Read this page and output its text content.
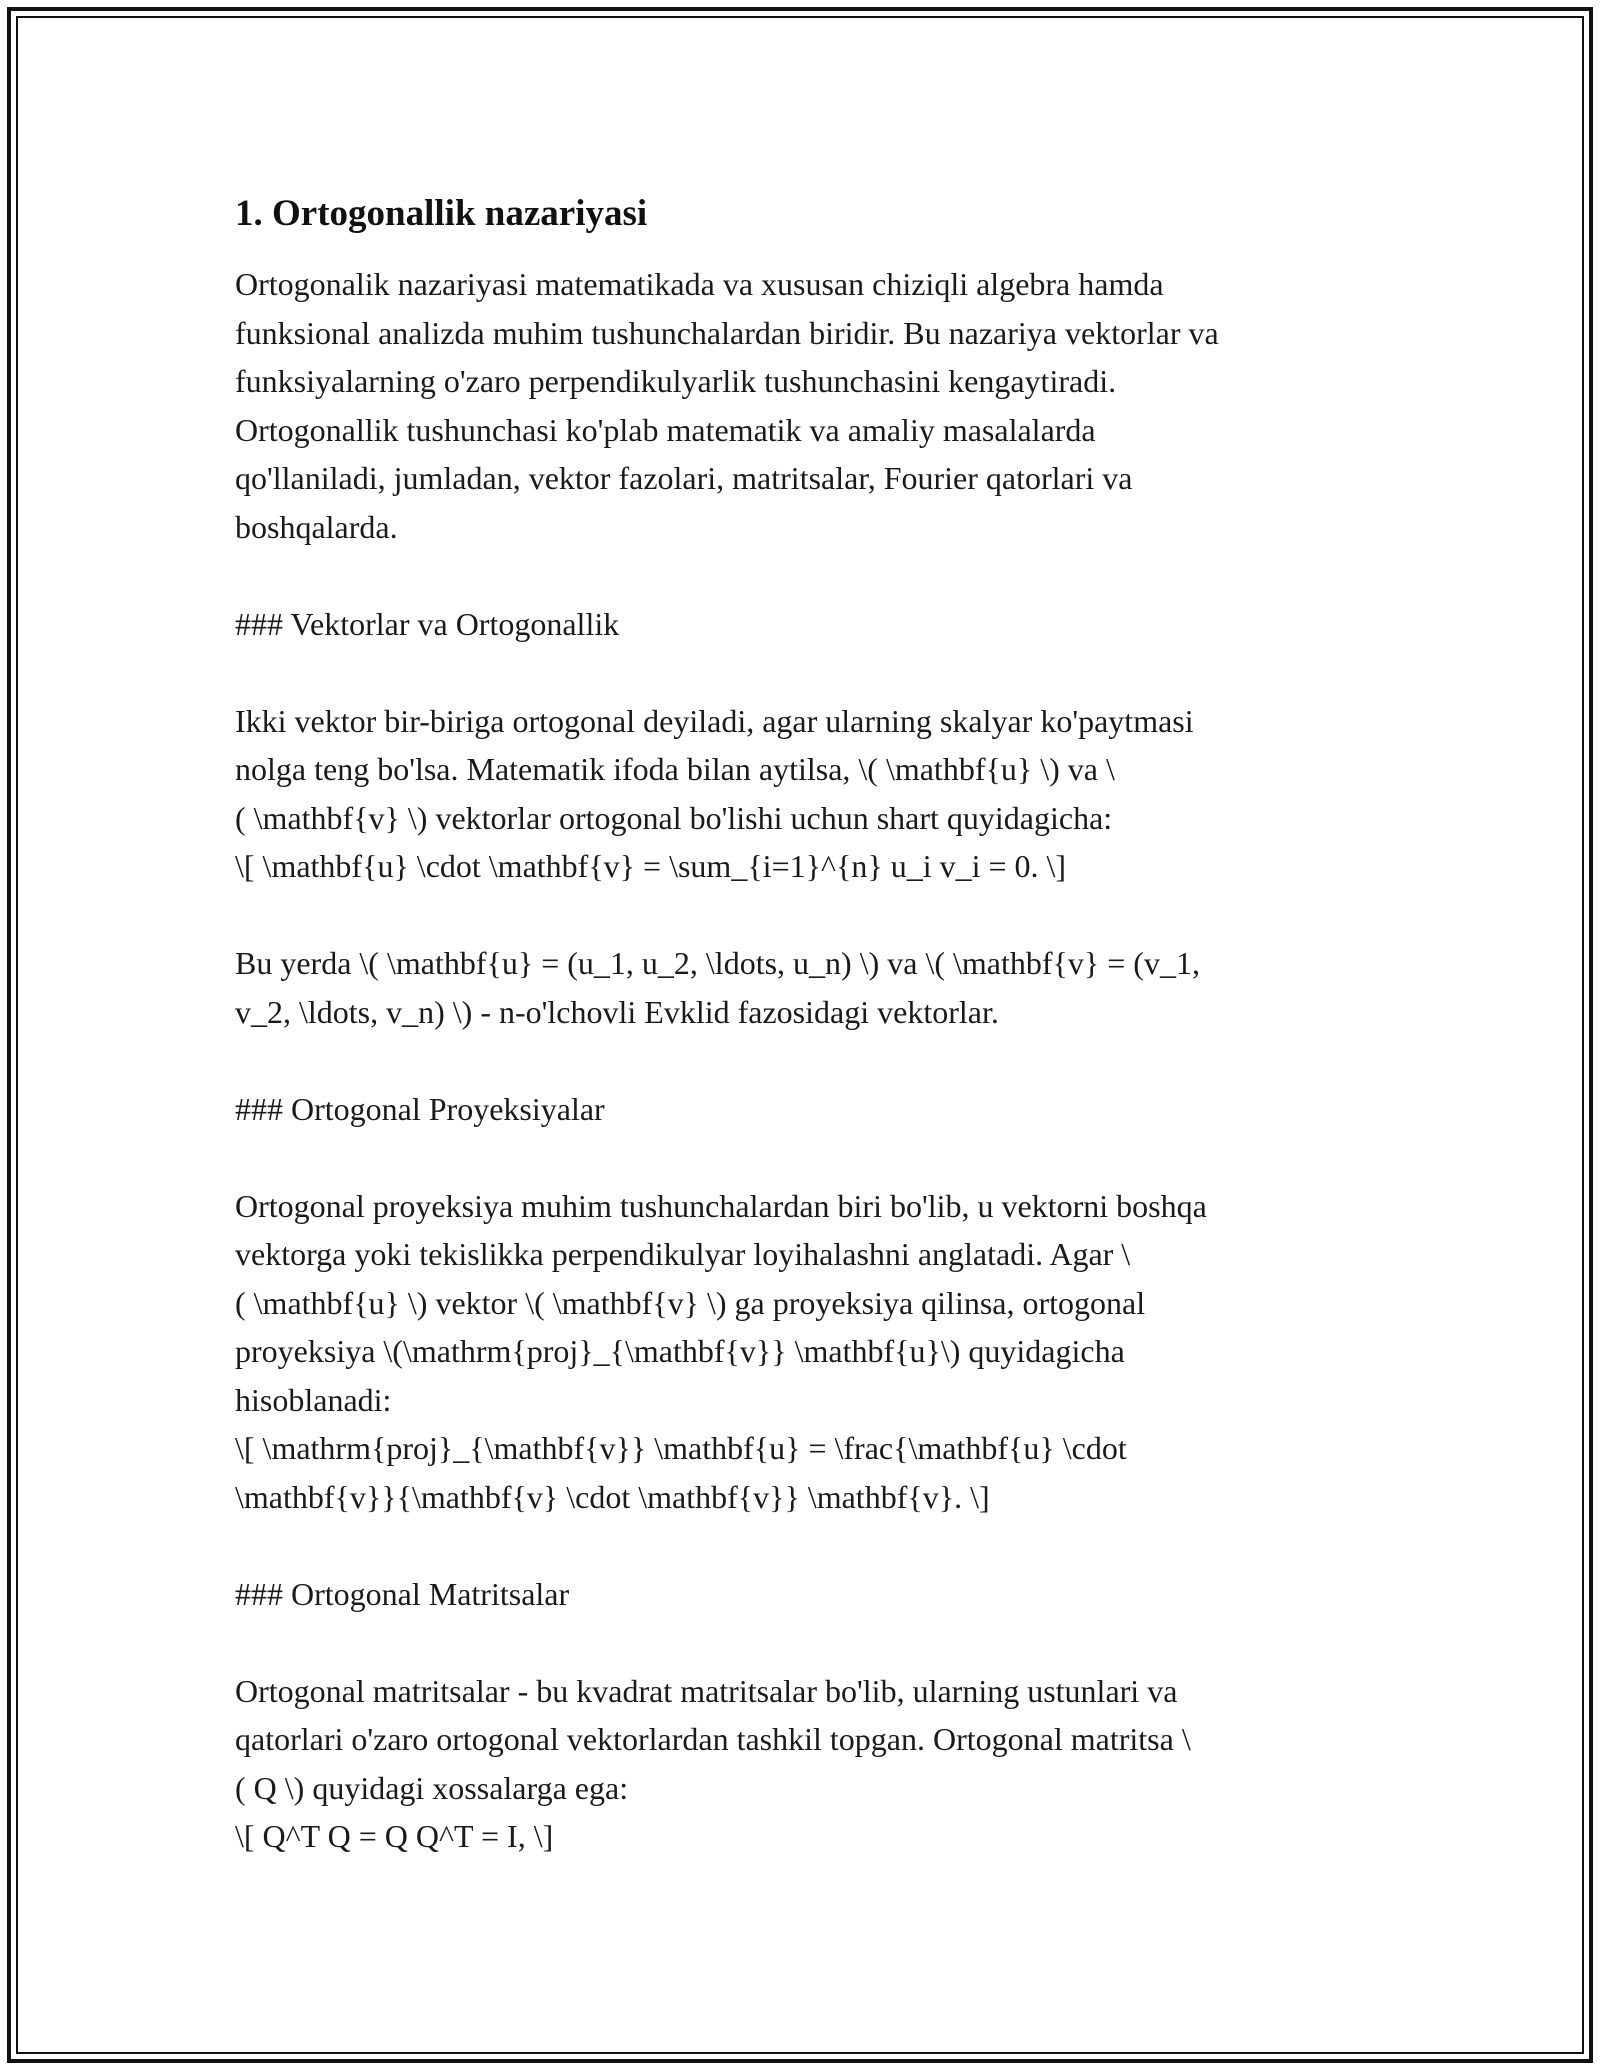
1. Ortogonallik nazariyasi
Ortogonalik nazariyasi matematikada va xususan chiziqli algebra hamda
funksional analizda muhim tushunchalardan biridir. Bu nazariya vektorlar va
funksiyalarning o'zaro perpendikulyarlik tushunchasini kengaytiradi.
Ortogonallik tushunchasi ko'plab matematik va amaliy masalalarda
qo'llaniladi, jumladan, vektor fazolari, matritsalar, Fourier qatorlari va
boshqalarda.
### Vektorlar va Ortogonallik
Ikki vektor bir-biriga ortogonal deyiladi, agar ularning skalyar ko'paytmasi
nolga teng bo'lsa. Matematik ifoda bilan aytilsa, \( \mathbf{u} \) va \
( \mathbf{v} \) vektorlar ortogonal bo'lishi uchun shart quyidagicha:
\[ \mathbf{u} \cdot \mathbf{v} = \sum_{i=1}^{n} u_i v_i = 0. \]
Bu yerda \( \mathbf{u} = (u_1, u_2, \ldots, u_n) \) va \( \mathbf{v} = (v_1,
v_2, \ldots, v_n) \) - n-o'lchovli Evklid fazosidagi vektorlar.
### Ortogonal Proyeksiyalar
Ortogonal proyeksiya muhim tushunchalardan biri bo'lib, u vektorni boshqa
vektorga yoki tekislikka perpendikulyar loyihalashni anglatadi. Agar \
( \mathbf{u} \) vektor \( \mathbf{v} \) ga proyeksiya qilinsa, ortogonal
proyeksiya \(\mathrm{proj}_{\mathbf{v}} \mathbf{u}\) quyidagicha
hisoblanadi:
\[ \mathrm{proj}_{\mathbf{v}} \mathbf{u} = \frac{\mathbf{u} \cdot
\mathbf{v}}{\mathbf{v} \cdot \mathbf{v}} \mathbf{v}. \]
### Ortogonal Matritsalar
Ortogonal matritsalar - bu kvadrat matritsalar bo'lib, ularning ustunlari va
qatorlari o'zaro ortogonal vektorlardan tashkil topgan. Ortogonal matritsa \
( Q \) quyidagi xossalarga ega:
\[ Q^T Q = Q Q^T = I, \]
